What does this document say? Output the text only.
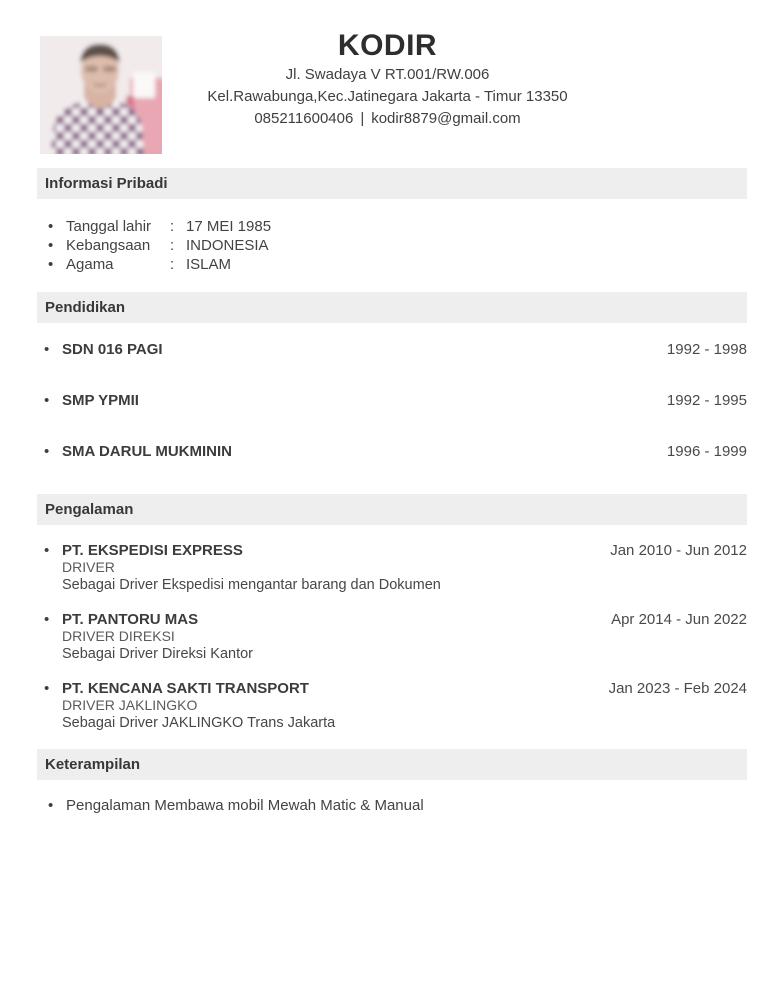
KODIR
Jl. Swadaya V RT.001/RW.006
Kel.Rawabunga,Kec.Jatinegara Jakarta - Timur 13350
085211600406 | kodir8879@gmail.com
Informasi Pribadi
• Tanggal lahir : 17 MEI 1985
• Kebangsaan : INDONESIA
• Agama	: ISLAM
Pendidikan
• SDN 016 PAGI	1992 - 1998
• SMP YPMII	1992 - 1995
• SMA DARUL MUKMININ	1996 - 1999
Pengalaman
• PT. EKSPEDISI EXPRESS
DRIVER
Sebagai Driver Ekspedisi mengantar barang dan Dokumen
Jan 2010 - Jun 2012
• PT. PANTORU MAS
DRIVER DIREKSI
Sebagai Driver Direksi Kantor
Apr 2014 - Jun 2022
• PT. KENCANA SAKTI TRANSPORT
DRIVER JAKLINGKO
Sebagai Driver JAKLINGKO Trans Jakarta
Jan 2023 - Feb 2024
Keterampilan
• Pengalaman Membawa mobil Mewah Matic & Manual
